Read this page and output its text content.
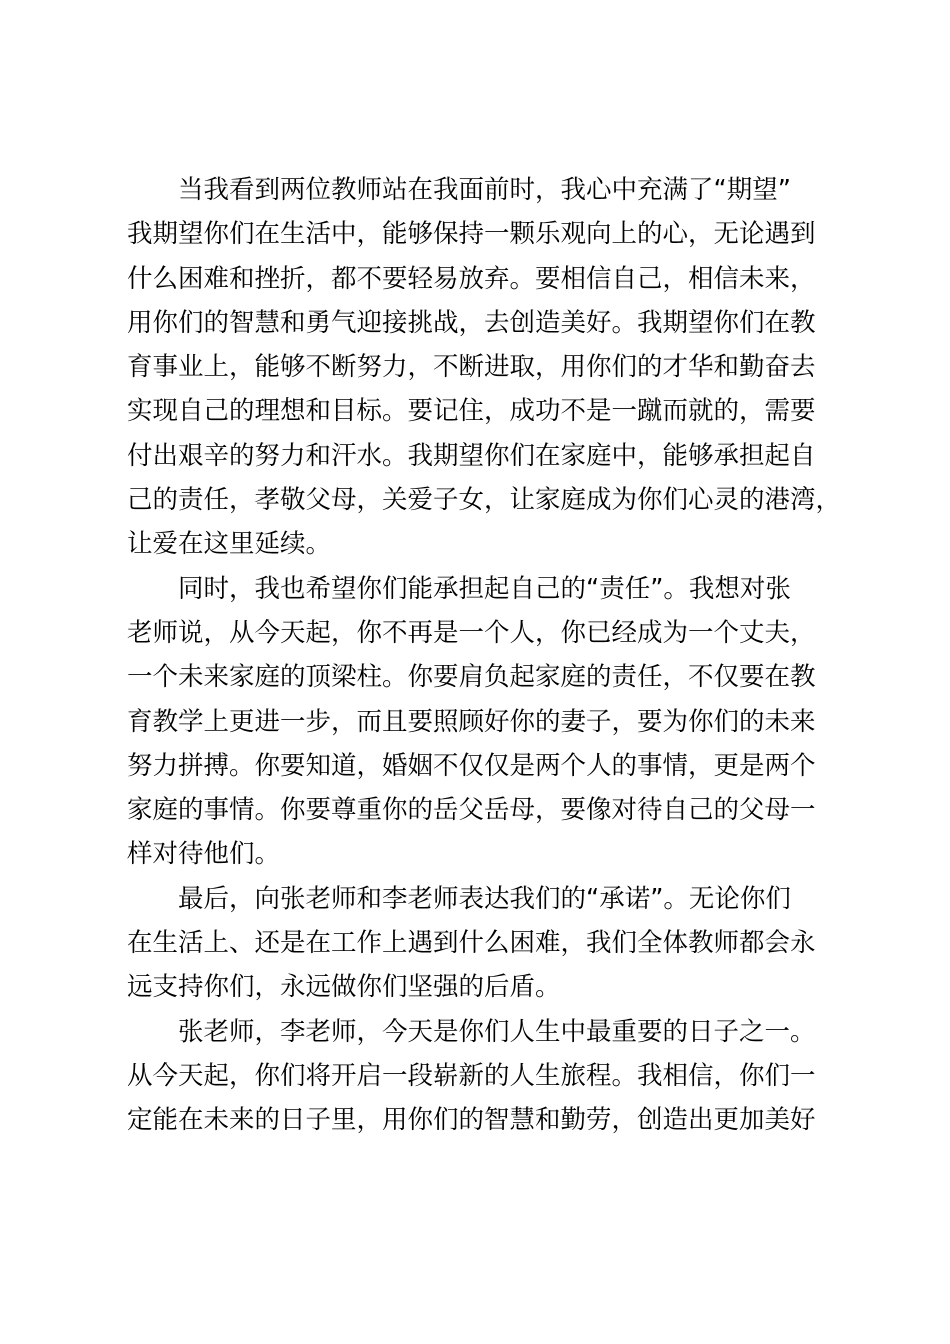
当我看到两位教师站在我面前时，我心中充满了“期望”
我期望你们在生活中，能够保持一颗乐观向上的心，无论遇到
什么困难和挫折，都不要轻易放弃。要相信自己，相信未来，
用你们的智慧和勇气迎接挑战，去创造美好。我期望你们在教
育事业上，能够不断努力，不断进取，用你们的才华和勤奋去
实现自己的理想和目标。要记住，成功不是一蹴而就的，需要
付出艰辛的努力和汗水。我期望你们在家庭中，能够承担起自
己的责任，孝敬父母，关爱子女，让家庭成为你们心灵的港湾，
让爱在这里延续。
同时，我也希望你们能承担起自己的“责任”。我想对张
老师说，从今天起，你不再是一个人，你已经成为一个丈夫，
一个未来家庭的顶梁柱。你要肩负起家庭的责任，不仅要在教
育教学上更进一步，而且要照顾好你的妻子，要为你们的未来
努力拼搏。你要知道，婚姻不仅仅是两个人的事情，更是两个
家庭的事情。你要尊重你的岳父岳母，要像对待自己的父母一
样对待他们。
最后，向张老师和李老师表达我们的“承诺”。无论你们
在生活上、还是在工作上遇到什么困难，我们全体教师都会永
远支持你们，永远做你们坚强的后盾。
张老师，李老师，今天是你们人生中最重要的日子之一。
从今天起，你们将开启一段崭新的人生旅程。我相信，你们一
定能在未来的日子里，用你们的智慧和勤劳，创造出更加美好
